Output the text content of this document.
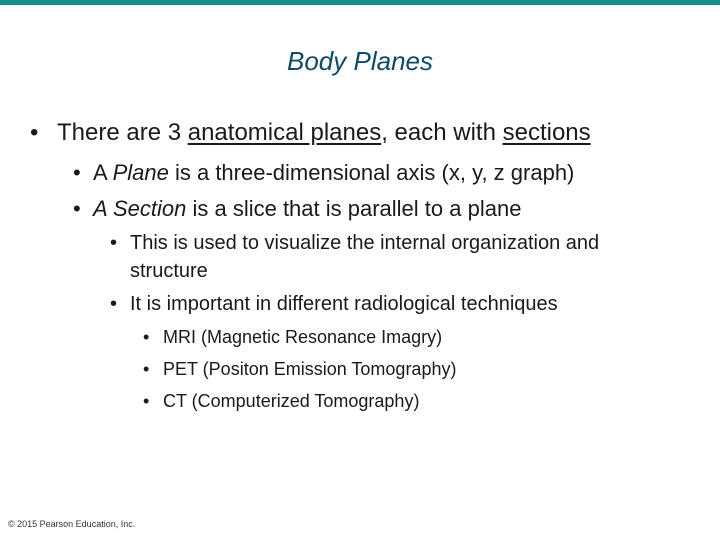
Body Planes
• There are 3 anatomical planes, each with sections
• A Plane is a three-dimensional axis (x, y, z graph)
• A Section is a slice that is parallel to a plane
• This is used to visualize the internal organization and
structure
• It is important in different radiological techniques
• MRI (Magnetic Resonance Imagry)
• PET (Positon Emission Tomography)
• CT (Computerized Tomography)
© 2015 Pearson Education, Inc.
